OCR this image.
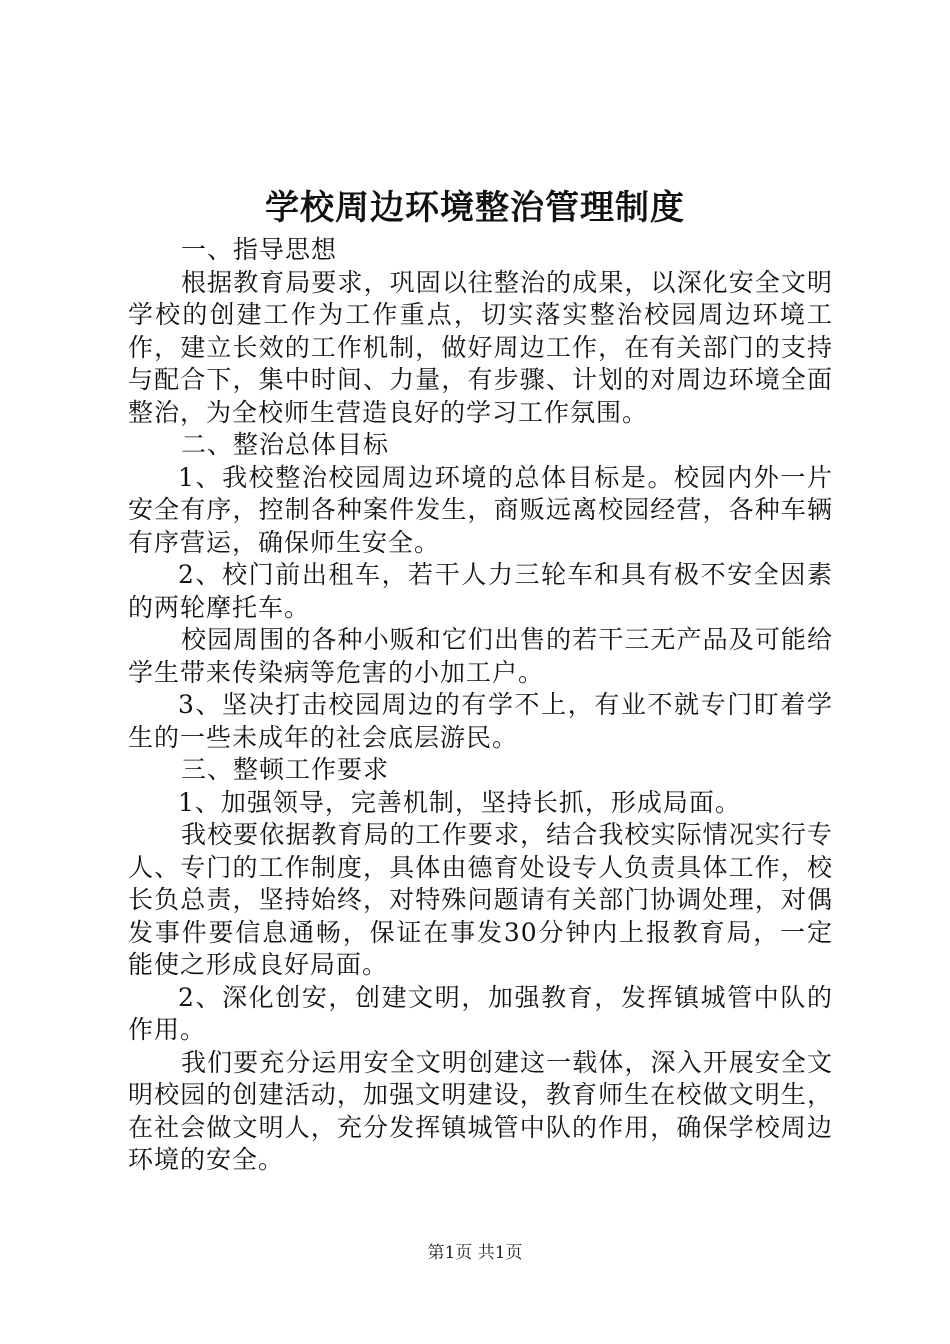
学校周边环境整治管理制度

一、指导思想

根据教育局要求，巩固以往整治的成果，以深化安全文明学校的创建工作为工作重点，切实落实整治校园周边环境工作，建立长效的工作机制，做好周边工作，在有关部门的支持与配合下，集中时间、力量，有步骤、计划的对周边环境全面整治，为全校师生营造良好的学习工作氛围。

二、整治总体目标

1、我校整治校园周边环境的总体目标是。校园内外一片安全有序，控制各种案件发生，商贩远离校园经营，各种车辆有序营运，确保师生安全。

2、校门前出租车，若干人力三轮车和具有极不安全因素的两轮摩托车。

校园周围的各种小贩和它们出售的若干三无产品及可能给学生带来传染病等危害的小加工户。

3、坚决打击校园周边的有学不上，有业不就专门盯着学生的一些未成年的社会底层游民。

三、整顿工作要求

1、加强领导，完善机制，坚持长抓，形成局面。

我校要依据教育局的工作要求，结合我校实际情况实行专人、专门的工作制度，具体由德育处设专人负责具体工作，校长负总责，坚持始终，对特殊问题请有关部门协调处理，对偶发事件要信息通畅，保证在事发30分钟内上报教育局，一定能使之形成良好局面。

2、深化创安，创建文明，加强教育，发挥镇城管中队的作用。

我们要充分运用安全文明创建这一载体，深入开展安全文明校园的创建活动，加强文明建设，教育师生在校做文明生，在社会做文明人，充分发挥镇城管中队的作用，确保学校周边环境的安全。

第1页 共1页
